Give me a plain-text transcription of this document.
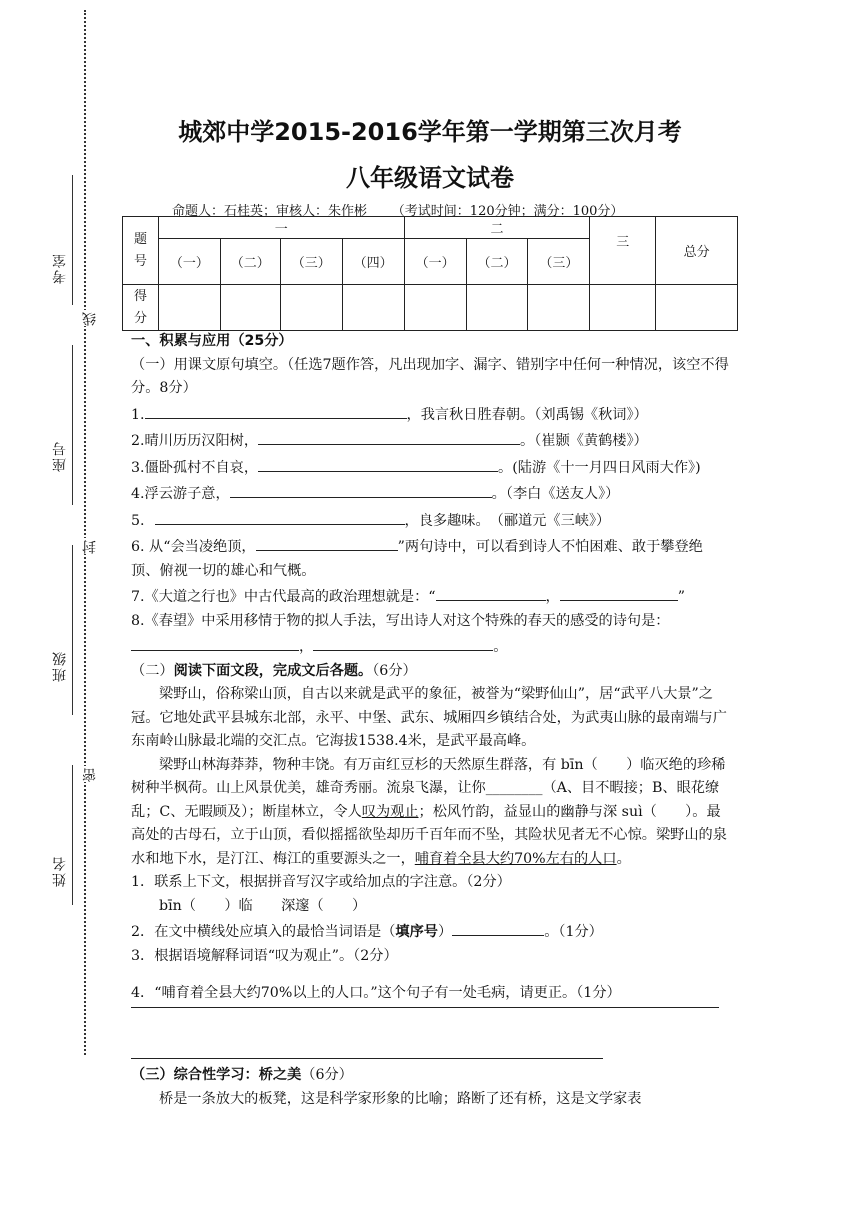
考室
座号
班级
姓名
线
封
密
城郊中学2015-2016学年第一学期第三次月考
八年级语文试卷
命题人：石桂英；审核人：朱作彬      （考试时间：120分钟；满分：100分）
题号	一				二			三	总分
	（一）	（二）	（三）	（四）	（一）	（二）	（三）		
得分									

一、积累与应用（25分）

（一）用课文原句填空。（任选7题作答，凡出现加字、漏字、错别字中任何一种情况，该空不得分。8分）

1.	，我言秋日胜春朝。（刘禹锡《秋词》）

2.晴川历历汉阳树，	。（崔颢《黄鹤楼》）

3.僵卧孤村不自哀，	。(陆游《十一月四日风雨大作》)

4.浮云游子意，	。（李白《送友人》）

5.	，良多趣味。　（郦道元《三峡》）

6. 从“会当凌绝顶，	”两句诗中，可以看到诗人不怕困难、敢于攀登绝顶、俯视一切的雄心和气概。

7.《大道之行也》中古代最高的政治理想就是：“	，	”

8.《春望》中采用移情于物的拟人手法，写出诗人对这个特殊的春天的感受的诗句是：，	。

（二）阅读下面文段，完成文后各题。（6分）

梁野山，俗称梁山顶，自古以来就是武平的象征，被誉为“梁野仙山”，居“武平八大景”之冠。它地处武平县城东北部，永平、中堡、武东、城厢四乡镇结合处，为武夷山脉的最南端与广东南岭山脉最北端的交汇点。它海拔1538.4米，是武平最高峰。

梁野山林海莽莽，物种丰饶。有万亩红豆杉的天然原生群落，有 bīn（　　）临灭绝的珍稀树种半枫荷。山上风景优美，雄奇秀丽。流泉飞瀑，让你________（A、目不暇接；B、眼花缭乱；C、无暇顾及）；断崖林立，令人叹为观止；松风竹韵，益显山的幽静与深 suì（　　）。最高处的古母石，立于山顶，看似摇摇欲坠却历千百年而不坠，其险状见者无不心惊。梁野山的泉水和地下水，是汀江、梅江的重要源头之一，哺育着全县大约70%左右的人口。

1．联系上下文，根据拼音写汉字或给加点的字注意。（2分）

bīn（　　）临　　深邃（　　）

2．在文中横线处应填入的最恰当词语是（填序号）	。（1分）

3．根据语境解释词语“叹为观止”。（2分）

4．“哺育着全县大约70%以上的人口。”这个句子有一处毛病，请更正。（1分）

（三）综合性学习：桥之美（6分）

桥是一条放大的板凳，这是科学家形象的比喻；路断了还有桥，这是文学家表
